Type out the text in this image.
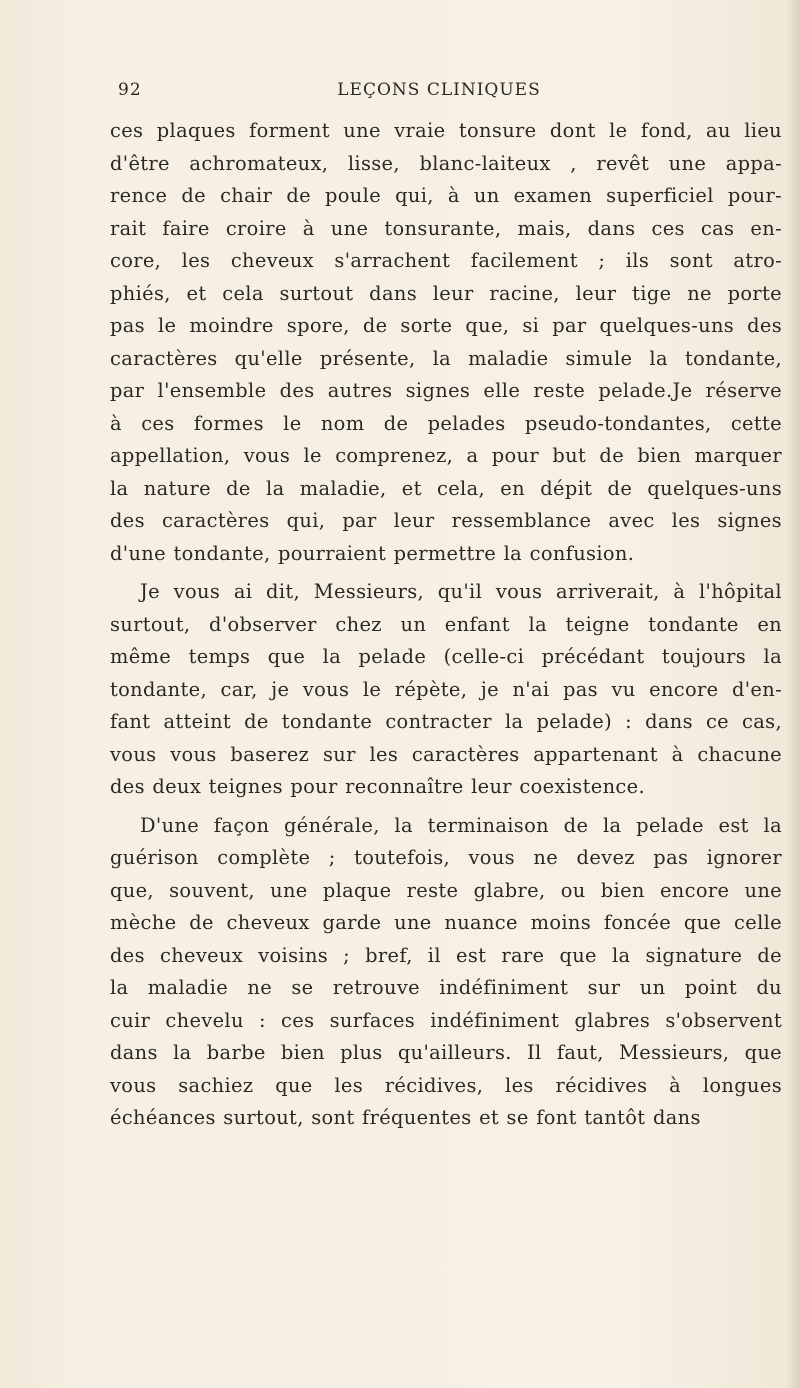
92	LEÇONS CLINIQUES
ces plaques forment une vraie tonsure dont le fond, au lieu
d'être achromateux, lisse, blanc-laiteux , revêt une appa-
rence de chair de poule qui, à un examen superficiel pour-
rait faire croire à une tonsurante, mais, dans ces cas en-
core, les cheveux s'arrachent facilement ; ils sont atro-
phiés, et cela surtout dans leur racine, leur tige ne porte
pas le moindre spore, de sorte que, si par quelques-uns des
caractères qu'elle présente, la maladie simule la tondante,
par l'ensemble des autres signes elle reste pelade.Je réserve
à ces formes le nom de pelades pseudo-tondantes, cette
appellation, vous le comprenez, a pour but de bien marquer
la nature de la maladie, et cela, en dépit de quelques-uns
des caractères qui, par leur ressemblance avec les signes
d'une tondante, pourraient permettre la confusion.
Je vous ai dit, Messieurs, qu'il vous arriverait, à l'hôpital
surtout, d'observer chez un enfant la teigne tondante en
même temps que la pelade (celle-ci précédant toujours la
tondante, car, je vous le répète, je n'ai pas vu encore d'en-
fant atteint de tondante contracter la pelade) : dans ce cas,
vous vous baserez sur les caractères appartenant à chacune
des deux teignes pour reconnaître leur coexistence.
D'une façon générale, la terminaison de la pelade est la
guérison complète ; toutefois, vous ne devez pas ignorer
que, souvent, une plaque reste glabre, ou bien encore une
mèche de cheveux garde une nuance moins foncée que celle
des cheveux voisins ; bref, il est rare que la signature de
la maladie ne se retrouve indéfiniment sur un point du
cuir chevelu : ces surfaces indéfiniment glabres s'observent
dans la barbe bien plus qu'ailleurs. Il faut, Messieurs, que
vous sachiez que les récidives, les récidives à longues
échéances surtout, sont fréquentes et se font tantôt dans
